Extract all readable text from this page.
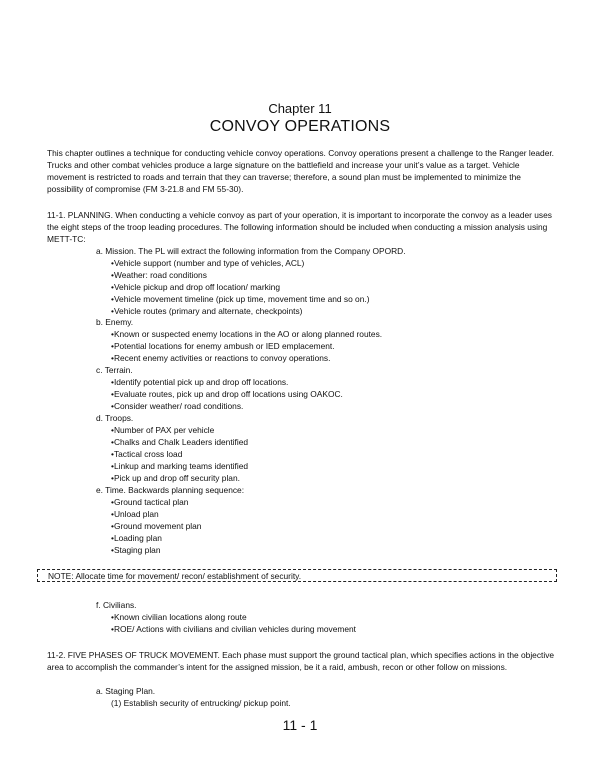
Chapter 11
CONVOY OPERATIONS

This chapter outlines a technique for conducting vehicle convoy operations. Convoy operations present a challenge to the Ranger leader. Trucks and other combat vehicles produce a large signature on the battlefield and increase your unit’s value as a target. Vehicle movement is restricted to roads and terrain that they can traverse; therefore, a sound plan must be implemented to minimize the possibility of compromise (FM 3-21.8 and FM 55-30).

11-1. PLANNING. When conducting a vehicle convoy as part of your operation, it is important to incorporate the convoy as a leader uses the eight steps of the troop leading procedures. The following information should be included when conducting a mission analysis using METT-TC:

a. Mission. The PL will extract the following information from the Company OPORD.
• Vehicle support (number and type of vehicles, ACL)
• Weather: road conditions
• Vehicle pickup and drop off location/ marking
• Vehicle movement timeline (pick up time, movement time and so on.)
• Vehicle routes (primary and alternate, checkpoints)
b. Enemy.
• Known or suspected enemy locations in the AO or along planned routes.
• Potential locations for enemy ambush or IED emplacement.
• Recent enemy activities or reactions to convoy operations.
c. Terrain.
• Identify potential pick up and drop off locations.
• Evaluate routes, pick up and drop off locations using OAKOC.
• Consider weather/ road conditions.
d. Troops.
• Number of PAX per vehicle
• Chalks and Chalk Leaders identified
• Tactical cross load
• Linkup and marking teams identified
• Pick up and drop off security plan.
e. Time. Backwards planning sequence:
• Ground tactical plan
• Unload plan
• Ground movement plan
• Loading plan
• Staging plan
NOTE: Allocate time for movement/ recon/ establishment of security.
f. Civilians.
• Known civilian locations along route
• ROE/ Actions with civilians and civilian vehicles during movement

11-2. FIVE PHASES OF TRUCK MOVEMENT. Each phase must support the ground tactical plan, which specifies actions in the objective area to accomplish the commander’s intent for the assigned mission, be it a raid, ambush, recon or other follow on missions.

a. Staging Plan.
(1) Establish security of entrucking/ pickup point.
11 - 1
